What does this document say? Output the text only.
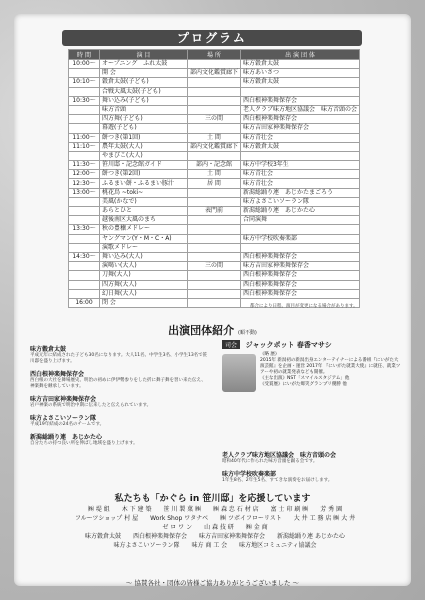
プログラム
時 間	演 目	場 所	出 演 団 体
10:00～	オープニング　ふれ太鼓		味方穀倉太鼓
	開 会	部内文化鑑賞廊下	味方あいさつ
10:10～	穀倉太鼓(子ども)		味方穀倉太鼓
	合戦大風太鼓(子ども)		
10:30～	舞い込み(子ども)		西白根神楽舞保存会
	味方音頭		老人クラブ味方地区協議会　味方音頭の会
	四方舞(子ども)	三の間	西白根神楽舞保存会
	幕遊(子ども)		味方吉田家神楽舞保存会
11:00～	餅つき(第1回)	土 間	味方青壮会
11:10～	農年太鼓(大人)	部内文化鑑賞廊下	味方穀倉太鼓
	やまびこ(大人)		
11:30～	笹川邸・記念館ガイド	部内・記念館	味方中学校3年生
12:00～	餅つき(第2回)	土 間	味方青壮会
12:30～	ふるまい餅・ふるまい豚汁	居 間	味方青壮会
13:00～	桃花鳥 ~toki~		新潟総踊り連　あじかたまごろう
	美風(かなで)		味方よさこいソーラン隊
	あらとひと	表門前	新潟総踊り連　あじかた心
	越後南区大風のまち		合同演舞
13:30～	秋の豊穣メドレー		
	ヤングマン(Y・M・C・A)		味方中学校吹奏楽部
	演歌メドレー		
14:30～	舞い込み(大人)		西白根神楽舞保存会
	演喝い(大人)	三の間	味方吉田家神楽舞保存会
	刀舞(大人)		西白根神楽舞保存会
	四方舞(大人)		西白根神楽舞保存会
	幻日舞(大人)		西白根神楽舞保存会
16:00	閉 会		
都合により日程、演目が変更になる場合があります。
出演団体紹介 (順不動)
味方穀倉太鼓
平成元年に結成された子ども30名になります。大人11名、中学生3名、小学生13名で笹川邸を盛り上げます。
西白根神楽舞保存会
西白根の大社を舞場歴史、明治の初めに伊伊勢参りをした折に舞子舞を習い来た伝え、神楽舞を継承しています。
味方吉田家神楽舞保存会
岩戸神楽の系統で明治中期に伝来したと伝えられています。
味方よさこいソーラン隊
平成19年結成の24名のチームです。
新潟総踊り連　あじかた心
自分たちの持つ良い所を伸ばし地域を盛り上げます。
司会 ジャックポット 春香マサシ
《略 歴》
2015年 新潟初の新潟出身エンターテイナーによる番組『にいがた大演芸館』を企画・運営 2017年 『にいがた就業大使』に就任、就業ツアーや初の就業発表なども開催。
《主な出演》NST「スマイルスタジアム」他
《受賞歴》にいがた爆笑グランプリ優勝 他
老人クラブ味方地区協議会　味方音頭の会
昭和40年代に作られた味方音頭を踊る会です。
味方中学校吹奏楽部
1年生8名、2年生5名、すてきな演奏をお届けします。
私たちも「かぐら in 笹川邸」を応援しています
㈱ 堤 組　　木 下 建 築　　笹 川 製 菓 ㈱　　㈱ 森 忠 石 材 店　　富 士 印 刷 ㈱　　芳 秀 園
フルーツショップ 村 屋　　Work Shop ワタナベ　　㈱ ツボイフローリスト　　大 井 工 務 店 ㈱ 大 井
ゼ ロ ワ ン　　山 森 技 研　　㈱ 金 商
味方穀倉太鼓　　西白根神楽舞保存会　　味方吉田家神楽舞保存会　　新潟総踊り連 あじかた心
味方よさこいソーラン隊　　味方 商 工 会　　味方地区コミュニティ協議会
～ 協賛各社・団体の皆様ご協力ありがとうございました ～
